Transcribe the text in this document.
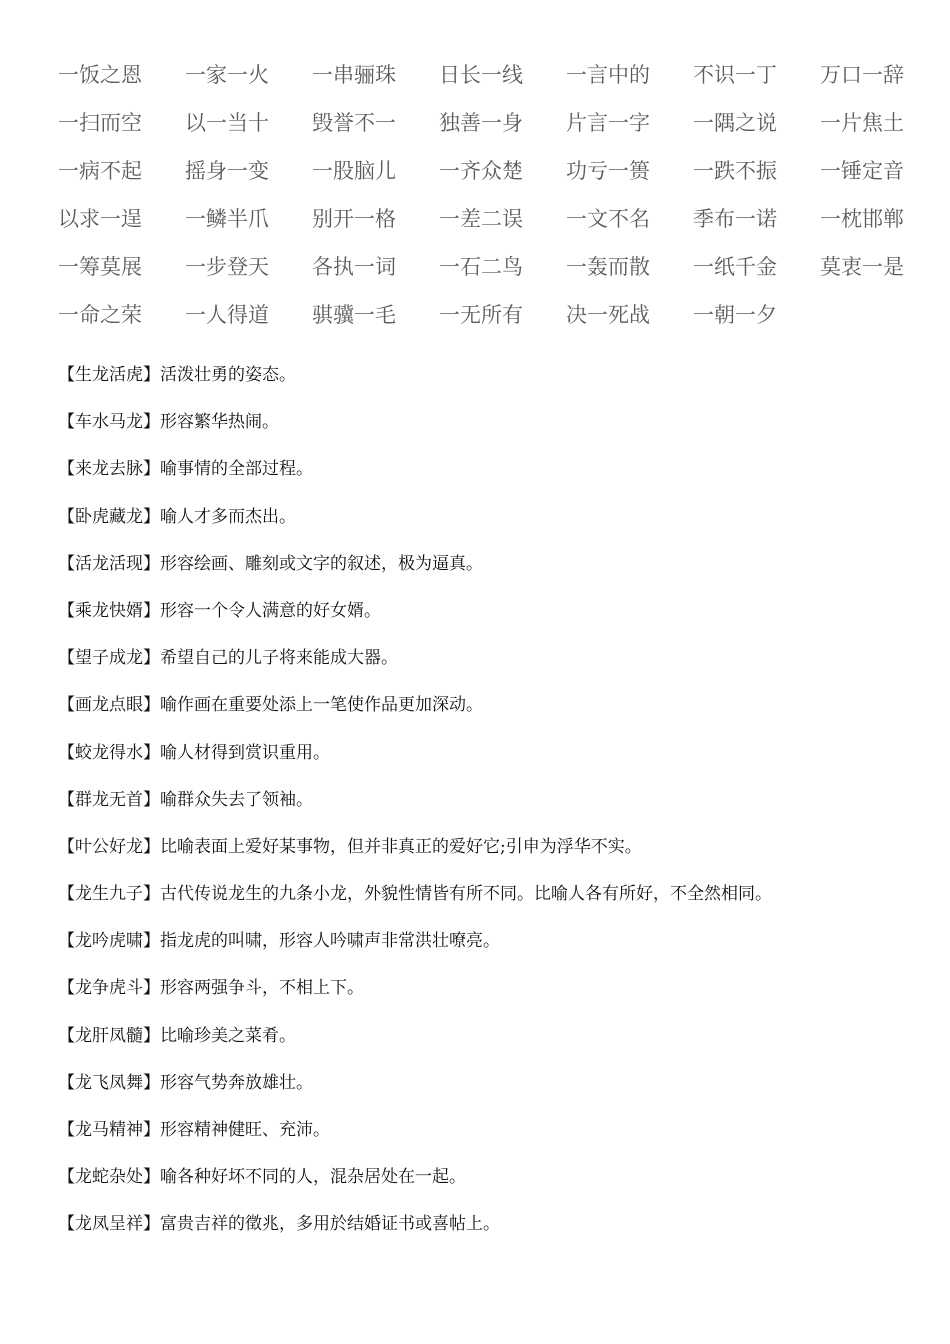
一饭之恩	一家一火	一串骊珠	日长一线	一言中的	不识一丁	万口一辞
一扫而空	以一当十	毁誉不一	独善一身	片言一字	一隅之说	一片焦土
一病不起	摇身一变	一股脑儿	一齐众楚	功亏一篑	一跌不振	一锤定音
以求一逞	一鳞半爪	别开一格	一差二误	一文不名	季布一诺	一枕邯郸
一筹莫展	一步登天	各执一词	一石二鸟	一轰而散	一纸千金	莫衷一是
一命之荣	一人得道	骐骥一毛	一无所有	决一死战	一朝一夕
【生龙活虎】活泼壮勇的姿态。
【车水马龙】形容繁华热闹。
【来龙去脉】喻事情的全部过程。
【卧虎藏龙】喻人才多而杰出。
【活龙活现】形容绘画、雕刻或文字的叙述，极为逼真。
【乘龙快婿】形容一个令人满意的好女婿。
【望子成龙】希望自己的儿子将来能成大器。
【画龙点眼】喻作画在重要处添上一笔使作品更加深动。
【蛟龙得水】喻人材得到赏识重用。
【群龙无首】喻群众失去了领袖。
【叶公好龙】比喻表面上爱好某事物，但并非真正的爱好它;引申为浮华不实。
【龙生九子】古代传说龙生的九条小龙，外貌性情皆有所不同。比喻人各有所好，不全然相同。
【龙吟虎啸】指龙虎的叫啸，形容人吟啸声非常洪壮嘹亮。
【龙争虎斗】形容两强争斗，不相上下。
【龙肝凤髓】比喻珍美之菜肴。
【龙飞凤舞】形容气势奔放雄壮。
【龙马精神】形容精神健旺、充沛。
【龙蛇杂处】喻各种好坏不同的人，混杂居处在一起。
【龙凤呈祥】富贵吉祥的徵兆，多用於结婚证书或喜帖上。
